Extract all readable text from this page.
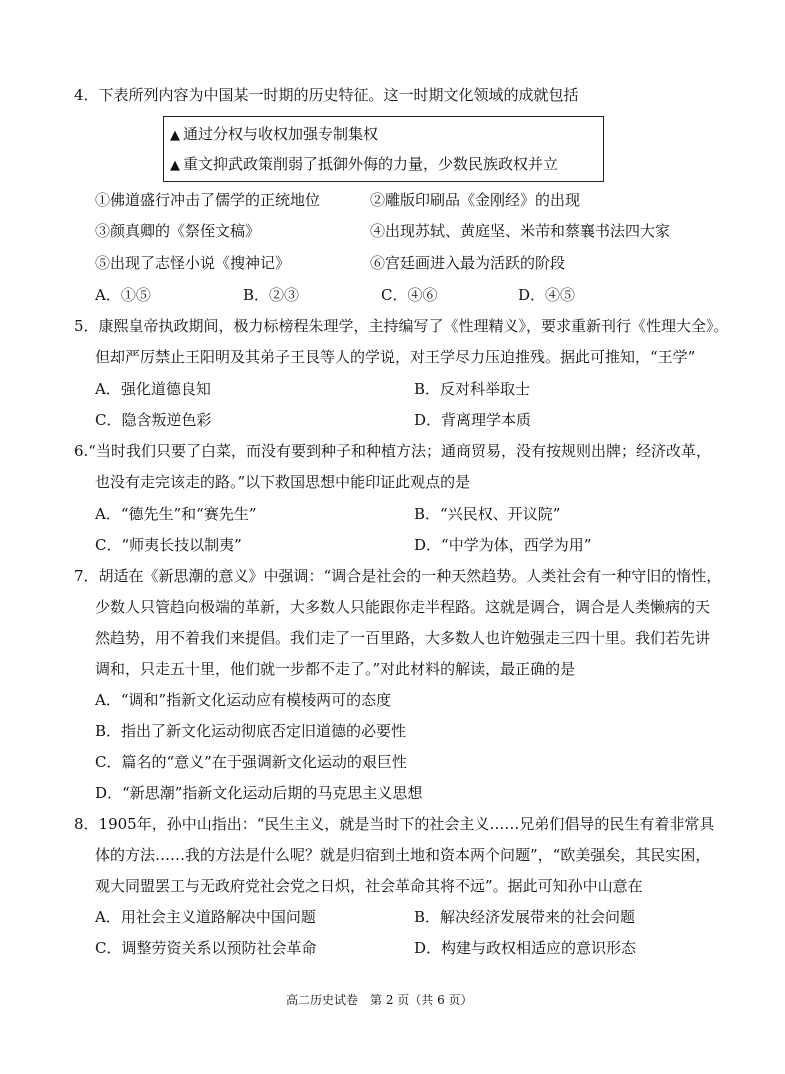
4．下表所列内容为中国某一时期的历史特征。这一时期文化领域的成就包括
▲ 通过分权与收权加强专制集权
▲ 重文抑武政策削弱了抵御外侮的力量，少数民族政权并立
①佛道盛行冲击了儒学的正统地位	②雕版印刷品《金刚经》的出现
③颜真卿的《祭侄文稿》	④出现苏轼、黄庭坚、米芾和蔡襄书法四大家
⑤出现了志怪小说《搜神记》	⑥宫廷画进入最为活跃的阶段
A．①⑤	B．②③	C．④⑥	D．④⑤
5．康熙皇帝执政期间，极力标榜程朱理学，主持编写了《性理精义》，要求重新刊行《性理大全》。
但却严厉禁止王阳明及其弟子王艮等人的学说，对王学尽力压迫推残。据此可推知，“王学”
A．强化道德良知	B．反对科举取士
C．隐含叛逆色彩	D．背离理学本质
6.“当时我们只要了白菜，而没有要到种子和种植方法；通商贸易，没有按规则出牌；经济改革，
也没有走完该走的路。”以下救国思想中能印证此观点的是
A．“德先生”和“赛先生”	B．“兴民权、开议院”
C．“师夷长技以制夷”	D．“中学为体，西学为用”
7．胡适在《新思潮的意义》中强调：“调合是社会的一种天然趋势。人类社会有一种守旧的惰性，
少数人只管趋向极端的革新，大多数人只能跟你走半程路。这就是调合，调合是人类懒病的天
然趋势，用不着我们来提倡。我们走了一百里路，大多数人也许勉强走三四十里。我们若先讲
调和，只走五十里，他们就一步都不走了。”对此材料的解读，最正确的是
A．“调和”指新文化运动应有模棱两可的态度
B．指出了新文化运动彻底否定旧道德的必要性
C．篇名的“意义”在于强调新文化运动的艰巨性
D．“新思潮”指新文化运动后期的马克思主义思想
8．1905年，孙中山指出：“民生主义，就是当时下的社会主义……兄弟们倡导的民生有着非常具
体的方法……我的方法是什么呢？就是归宿到土地和资本两个问题”，“欧美强矣，其民实困，
观大同盟罢工与无政府党社会党之日炽，社会革命其将不远”。据此可知孙中山意在
A．用社会主义道路解决中国问题	B．解决经济发展带来的社会问题
C．调整劳资关系以预防社会革命	D．构建与政权相适应的意识形态
高二历史试卷　第 2 页（共 6 页）
